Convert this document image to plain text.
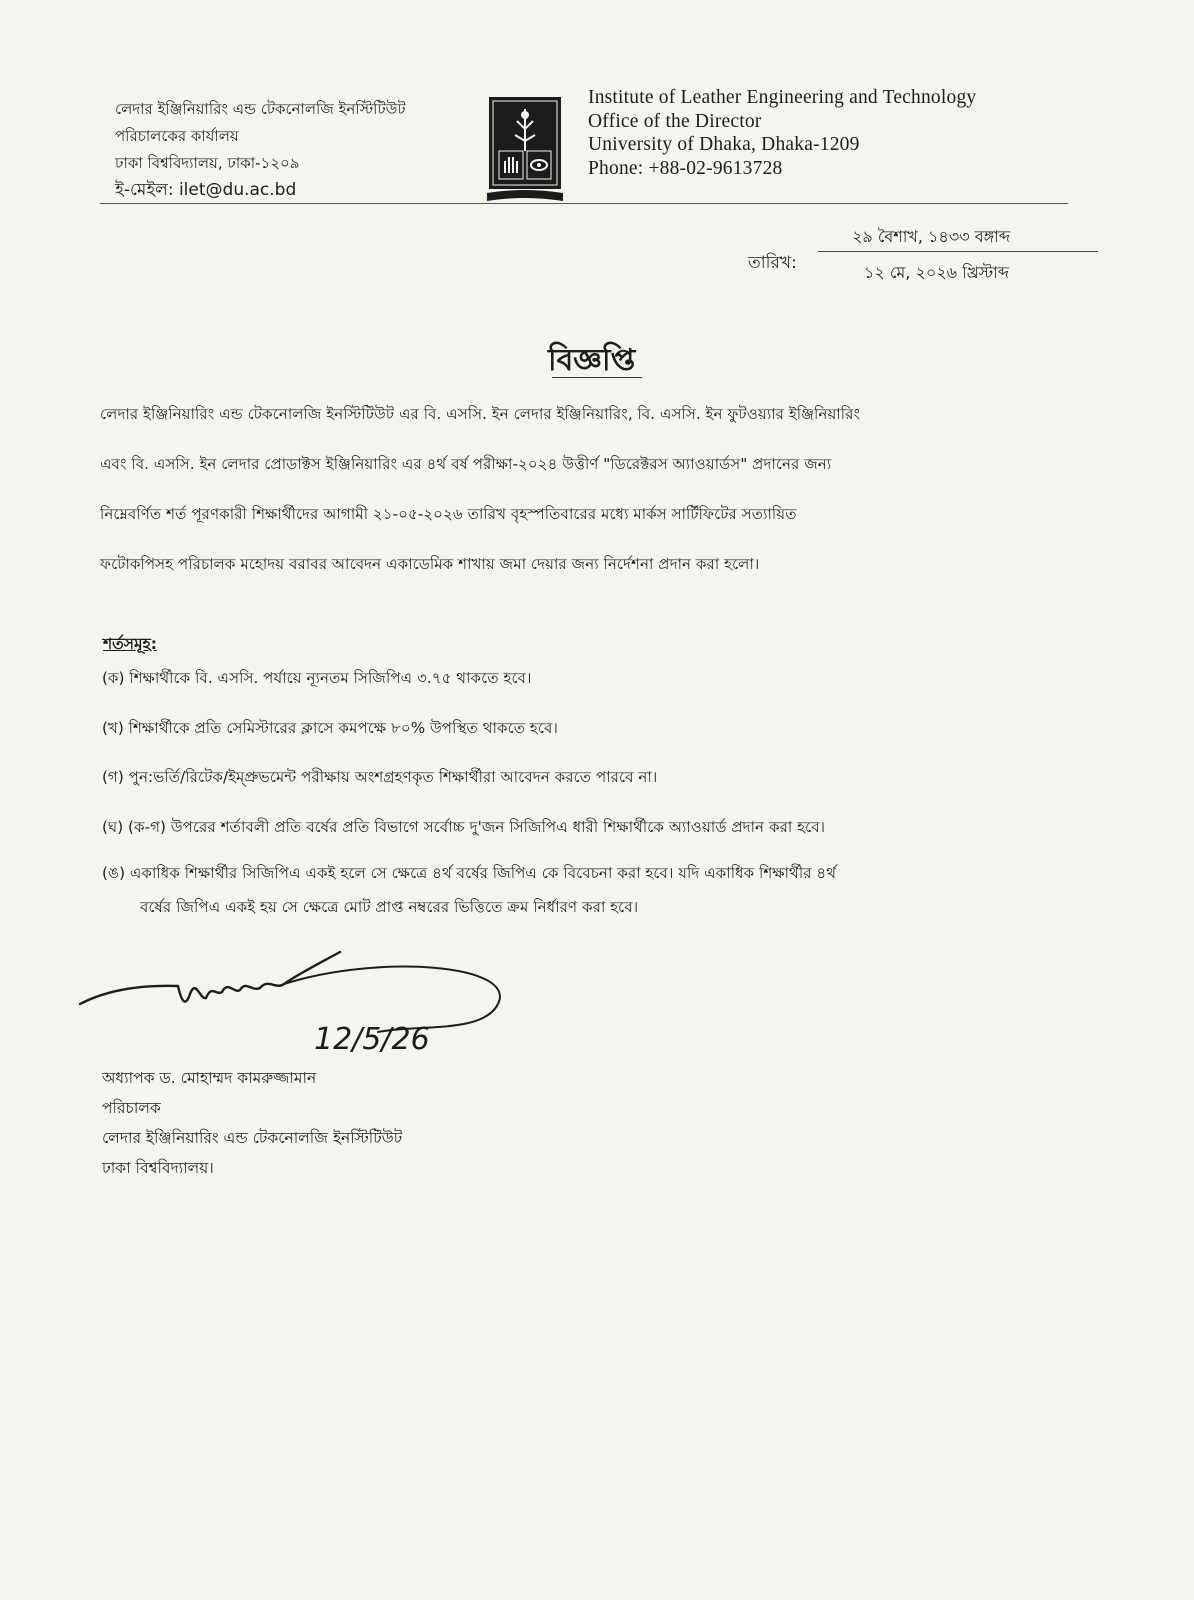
লেদার ইঞ্জিনিয়ারিং এন্ড টেকনোলজি ইনস্টিটিউট
পরিচালকের কার্যালয়
ঢাকা বিশ্ববিদ্যালয়, ঢাকা-১২০৯
ই-মেইল: ilet@du.ac.bd
Institute of Leather Engineering and Technology
Office of the Director
University of Dhaka, Dhaka-1209
Phone: +88-02-9613728
তারিখ:
২৯ বৈশাখ, ১৪৩৩ বঙ্গাব্দ
১২ মে, ২০২৬ খ্রিস্টাব্দ
বিজ্ঞপ্তি
লেদার ইঞ্জিনিয়ারিং এন্ড টেকনোলজি ইনস্টিটিউট এর বি. এসসি. ইন লেদার ইঞ্জিনিয়ারিং, বি. এসসি. ইন ফুটওয়্যার ইঞ্জিনিয়ারিং
এবং বি. এসসি. ইন লেদার প্রোডাক্টস ইঞ্জিনিয়ারিং এর ৪র্থ বর্ষ পরীক্ষা-২০২৪ উত্তীর্ণ "ডিরেক্টরস অ্যাওয়ার্ডস" প্রদানের জন্য
নিম্নেবর্ণিত শর্ত পূরণকারী শিক্ষার্থীদের আগামী ২১-০৫-২০২৬ তারিখ বৃহস্পতিবারের মধ্যে মার্কস সার্টিফিটের সত্যায়িত
ফটোকপিসহ পরিচালক মহোদয় বরাবর আবেদন একাডেমিক শাখায় জমা দেয়ার জন্য নির্দেশনা প্রদান করা হলো।
শর্তসমূহ:
(ক) শিক্ষার্থীকে বি. এসসি. পর্যায়ে ন্যূনতম সিজিপিএ ৩.৭৫ থাকতে হবে।
(খ) শিক্ষার্থীকে প্রতি সেমিস্টারের ক্লাসে কমপক্ষে ৮০% উপস্থিত থাকতে হবে।
(গ) পুন:ভর্তি/রিটেক/ইম্প্রুভমেন্ট পরীক্ষায় অংশগ্রহণকৃত শিক্ষার্থীরা আবেদন করতে পারবে না।
(ঘ) (ক-গ) উপরের শর্তাবলী প্রতি বর্ষের প্রতি বিভাগে সর্বোচ্চ দু'জন সিজিপিএ ধারী শিক্ষার্থীকে অ্যাওয়ার্ড প্রদান করা হবে।
(ঙ) একাধিক শিক্ষার্থীর সিজিপিএ একই হলে সে ক্ষেত্রে ৪র্থ বর্ষের জিপিএ কে বিবেচনা করা হবে। যদি একাধিক শিক্ষার্থীর ৪র্থ
বর্ষের জিপিএ একই হয় সে ক্ষেত্রে মোট প্রাপ্ত নম্বরের ভিত্তিতে ক্রম নির্ধারণ করা হবে।
12/5/26
অধ্যাপক ড. মোহাম্মদ কামরুজ্জামান
পরিচালক
লেদার ইঞ্জিনিয়ারিং এন্ড টেকনোলজি ইনস্টিটিউট
ঢাকা বিশ্ববিদ্যালয়।
